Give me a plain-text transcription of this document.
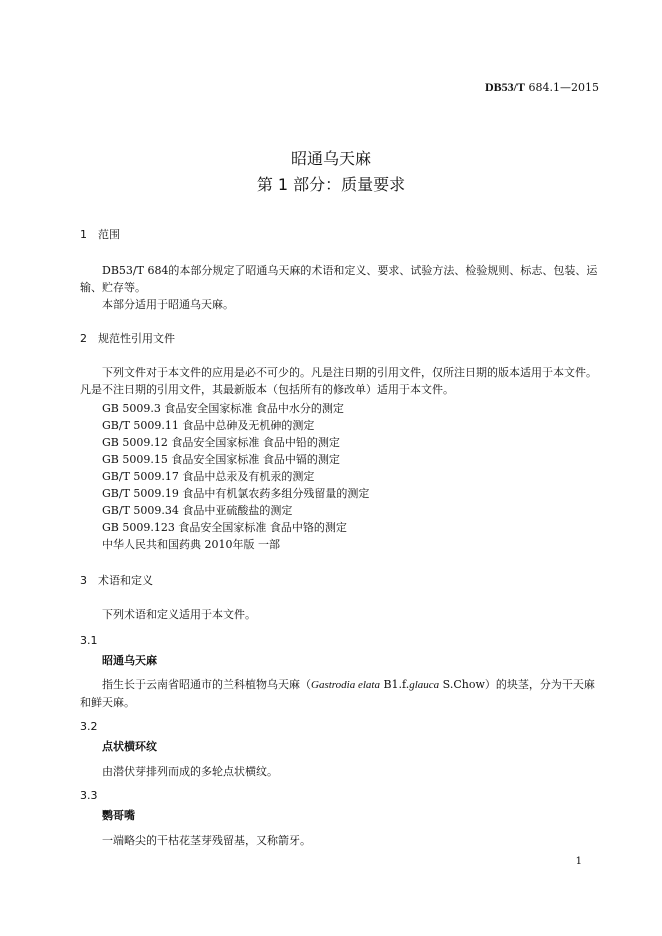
DB53/T 684.1—2015
昭通乌天麻
第 1 部分：质量要求
1 范围
DB53/T 684的本部分规定了昭通乌天麻的术语和定义、要求、试验方法、检验规则、标志、包装、运输、贮存等。
本部分适用于昭通乌天麻。
2 规范性引用文件
下列文件对于本文件的应用是必不可少的。凡是注日期的引用文件，仅所注日期的版本适用于本文件。凡是不注日期的引用文件，其最新版本（包括所有的修改单）适用于本文件。
GB 5009.3 食品安全国家标准 食品中水分的测定
GB/T 5009.11 食品中总砷及无机砷的测定
GB 5009.12 食品安全国家标准 食品中铅的测定
GB 5009.15 食品安全国家标准 食品中镉的测定
GB/T 5009.17 食品中总汞及有机汞的测定
GB/T 5009.19 食品中有机氯农药多组分残留量的测定
GB/T 5009.34 食品中亚硫酸盐的测定
GB 5009.123 食品安全国家标准 食品中铬的测定
中华人民共和国药典 2010年版 一部
3 术语和定义
下列术语和定义适用于本文件。
3.1
昭通乌天麻
指生长于云南省昭通市的兰科植物乌天麻（Gastrodia elata B1.f.glauca S.Chow）的块茎，分为干天麻和鲜天麻。
3.2
点状横环纹
由潜伏芽排列而成的多轮点状横纹。
3.3
鹦哥嘴
一端略尖的干枯花茎芽残留基，又称箭牙。
1
